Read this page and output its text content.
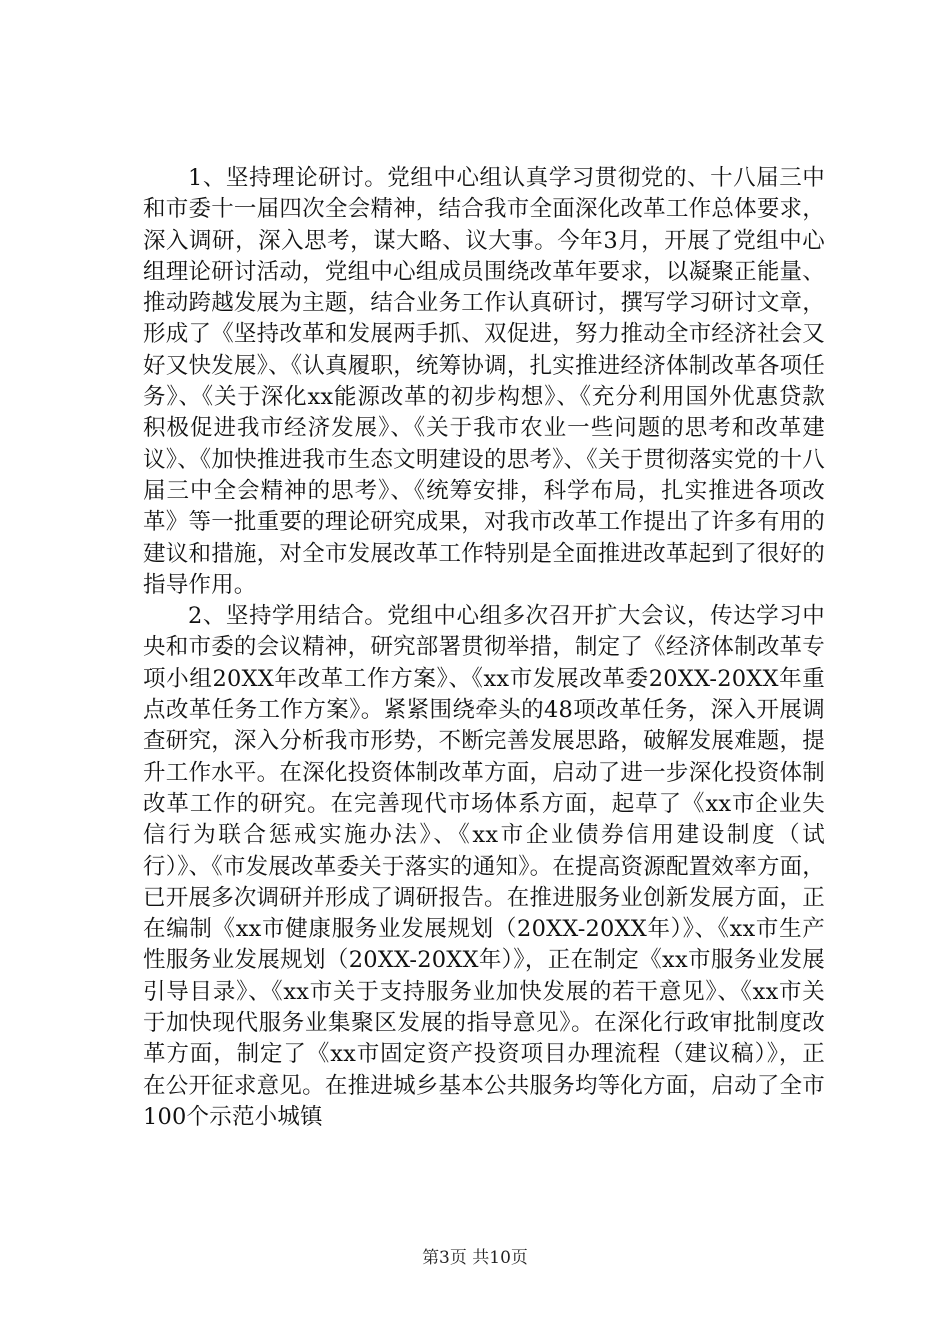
1、坚持理论研讨。党组中心组认真学习贯彻党的、十八届三中和市委十一届四次全会精神，结合我市全面深化改革工作总体要求，深入调研，深入思考，谋大略、议大事。今年3月，开展了党组中心组理论研讨活动，党组中心组成员围绕改革年要求，以凝聚正能量、推动跨越发展为主题，结合业务工作认真研讨，撰写学习研讨文章，形成了《坚持改革和发展两手抓、双促进，努力推动全市经济社会又好又快发展》、《认真履职，统筹协调，扎实推进经济体制改革各项任务》、《关于深化xx能源改革的初步构想》、《充分利用国外优惠贷款积极促进我市经济发展》、《关于我市农业一些问题的思考和改革建议》、《加快推进我市生态文明建设的思考》、《关于贯彻落实党的十八届三中全会精神的思考》、《统筹安排，科学布局，扎实推进各项改革》等一批重要的理论研究成果，对我市改革工作提出了许多有用的建议和措施，对全市发展改革工作特别是全面推进改革起到了很好的指导作用。

2、坚持学用结合。党组中心组多次召开扩大会议，传达学习中央和市委的会议精神，研究部署贯彻举措，制定了《经济体制改革专项小组20XX年改革工作方案》、《xx市发展改革委20XX-20XX年重点改革任务工作方案》。紧紧围绕牵头的48项改革任务，深入开展调查研究，深入分析我市形势，不断完善发展思路，破解发展难题，提升工作水平。在深化投资体制改革方面，启动了进一步深化投资体制改革工作的研究。在完善现代市场体系方面，起草了《xx市企业失信行为联合惩戒实施办法》、《xx市企业债券信用建设制度（试行）》、《市发展改革委关于落实的通知》。在提高资源配置效率方面，已开展多次调研并形成了调研报告。在推进服务业创新发展方面，正在编制《xx市健康服务业发展规划（20XX-20XX年）》、《xx市生产性服务业发展规划（20XX-20XX年）》，正在制定《xx市服务业发展引导目录》、《xx市关于支持服务业加快发展的若干意见》、《xx市关于加快现代服务业集聚区发展的指导意见》。在深化行政审批制度改革方面，制定了《xx市固定资产投资项目办理流程（建议稿）》，正在公开征求意见。在推进城乡基本公共服务均等化方面，启动了全市100个示范小城镇

第3页 共10页
